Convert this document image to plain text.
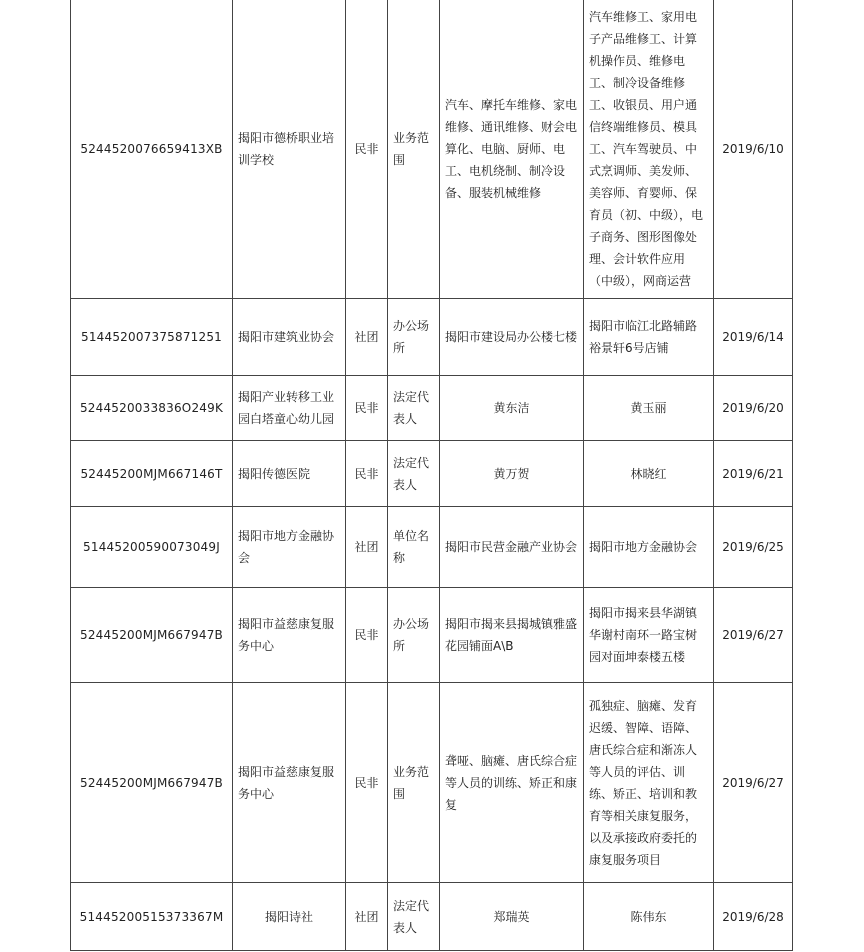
5244520076659413XB	揭阳市德桥职业培训学校	民非	业务范围	汽车、摩托车维修、家电维修、通讯维修、财会电算化、电脑、厨师、电工、电机绕制、制冷设备、服装机械维修	汽车维修工、家用电子产品维修工、计算机操作员、维修电工、制冷设备维修工、收银员、用户通信终端维修员、模具工、汽车驾驶员、中式烹调师、美发师、美容师、育婴师、保育员（初、中级），电子商务、图形图像处理、会计软件应用（中级），网商运营	2019/6/10
514452007375871251	揭阳市建筑业协会	社团	办公场所	揭阳市建设局办公楼七楼	揭阳市临江北路辅路裕景轩6号店铺	2019/6/14
5244520033836O249K	揭阳产业转移工业园白塔童心幼儿园	民非	法定代表人	黄东洁	黄玉丽	2019/6/20
52445200MJM667146T	揭阳传德医院	民非	法定代表人	黄万贺	林晓红	2019/6/21
51445200590073049J	揭阳市地方金融协会	社团	单位名称	揭阳市民营金融产业协会	揭阳市地方金融协会	2019/6/25
52445200MJM667947B	揭阳市益慈康复服务中心	民非	办公场所	揭阳市揭来县揭城镇雅盛花园铺面A\B	揭阳市揭来县华湖镇华谢村南环一路宝树园对面坤泰楼五楼	2019/6/27
52445200MJM667947B	揭阳市益慈康复服务中心	民非	业务范围	聋哑、脑瘫、唐氏综合症等人员的训练、矫正和康复	孤独症、脑瘫、发育迟缓、智障、语障、唐氏综合症和渐冻人等人员的评估、训练、矫正、培训和教育等相关康复服务，以及承接政府委托的康复服务项目	2019/6/27
51445200515373367M	揭阳诗社	社团	法定代表人	郑瑞英	陈伟东	2019/6/28
